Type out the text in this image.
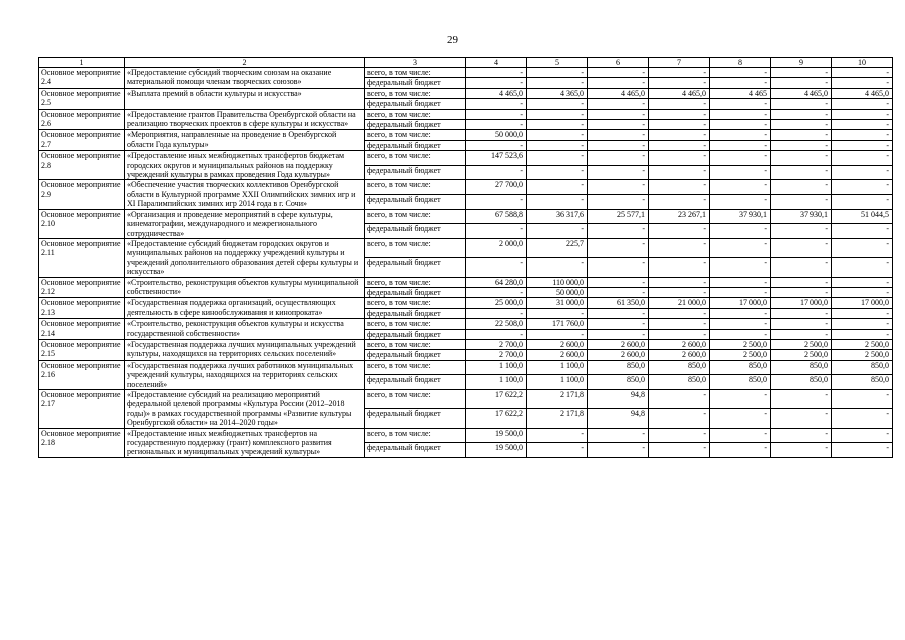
29
1	2	3	4	5	6	7	8	9	10
Основное мероприятие 2.4	«Предоставление субсидий творческим союзам на оказание материальной помощи членам творческих союзов»	всего, в том числе:	-	-	-	-	-	-	-
		федеральный бюджет	-	-	-	-	-	-	-
Основное мероприятие 2.5	«Выплата премий в области культуры и искусства»	всего, в том числе:	4 465,0	4 365,0	4 465,0	4 465,0	4 465	4 465,0	4 465,0
		федеральный бюджет	-	-	-	-	-	-	-
Основное мероприятие 2.6	«Предоставление грантов Правительства Оренбургской области на реализацию творческих проектов в сфере культуры и искусства»	всего, в том числе:	-	-	-	-	-	-	-
		федеральный бюджет	-	-	-	-	-	-	-
Основное мероприятие 2.7	«Мероприятия, направленные на проведение в Оренбургской области Года культуры»	всего, в том числе:	50 000,0	-	-	-	-	-	-
		федеральный бюджет	-	-	-	-	-	-	-
Основное мероприятие 2.8	«Предоставление иных межбюджетных трансфертов бюджетам городских округов и муниципальных районов на поддержку учреждений культуры в рамках проведения Года культуры»	всего, в том числе:	147 523,6	-	-	-	-	-	-
		федеральный бюджет	-	-	-	-	-	-	-
Основное мероприятие 2.9	«Обеспечение участия творческих коллективов Оренбургской области в Культурной программе XXII Олимпийских зимних игр и XI Паралимпийских зимних игр 2014 года в г. Сочи»	всего, в том числе:	27 700,0	-	-	-	-	-	-
		федеральный бюджет	-	-	-	-	-	-	-
Основное мероприятие 2.10	«Организация и проведение мероприятий в сфере культуры, кинематографии, международного и межрегионального сотрудничества»	всего, в том числе:	67 588,8	36 317,6	25 577,1	23 267,1	37 930,1	37 930,1	51 044,5
		федеральный бюджет	-	-	-	-	-	-	-
Основное мероприятие 2.11	«Предоставление субсидий бюджетам городских округов и муниципальных районов на поддержку учреждений культуры и учреждений дополнительного образования детей сферы культуры и искусства»	всего, в том числе:	2 000,0	225,7	-	-	-	-	-
		федеральный бюджет	-	-	-	-	-	-	-
Основное мероприятие 2.12	«Строительство, реконструкция объектов культуры муниципальной собственности»	всего, в том числе:	64 280,0	110 000,0	-	-	-	-	-
		федеральный бюджет	-	50 000,0	-	-	-	-	-
Основное мероприятие 2.13	«Государственная поддержка организаций, осуществляющих деятельность в сфере кинообслуживания и кинопроката»	всего, в том числе:	25 000,0	31 000,0	61 350,0	21 000,0	17 000,0	17 000,0	17 000,0
		федеральный бюджет	-	-	-	-	-	-	-
Основное мероприятие 2.14	«Строительство, реконструкция объектов культуры и искусства государственной собственности»	всего, в том числе:	22 508,0	171 760,0	-	-	-	-	-
		федеральный бюджет	-	-	-	-	-	-	-
Основное мероприятие 2.15	«Государственная поддержка лучших муниципальных учреждений культуры, находящихся на территориях сельских поселений»	всего, в том числе:	2 700,0	2 600,0	2 600,0	2 600,0	2 500,0	2 500,0	2 500,0
		федеральный бюджет	2 700,0	2 600,0	2 600,0	2 600,0	2 500,0	2 500,0	2 500,0
Основное мероприятие 2.16	«Государственная поддержка лучших работников муниципальных учреждений культуры, находящихся на территориях сельских поселений»	всего, в том числе:	1 100,0	1 100,0	850,0	850,0	850,0	850,0	850,0
		федеральный бюджет	1 100,0	1 100,0	850,0	850,0	850,0	850,0	850,0
Основное мероприятие 2.17	«Предоставление субсидий на реализацию мероприятий федеральной целевой программы «Культура России (2012–2018 годы)» в рамках государственной программы «Развитие культуры Оренбургской области» на 2014–2020 годы»	всего, в том числе:	17 622,2	2 171,8	94,8	-	-	-	-
		федеральный бюджет	17 622,2	2 171,8	94,8	-	-	-	-
Основное мероприятие 2.18	«Предоставление иных межбюджетных трансфертов на государственную поддержку (грант) комплексного развития региональных и муниципальных учреждений культуры»	всего, в том числе:	19 500,0	-	-	-	-	-	-
		федеральный бюджет	19 500,0	-	-	-	-	-	-
